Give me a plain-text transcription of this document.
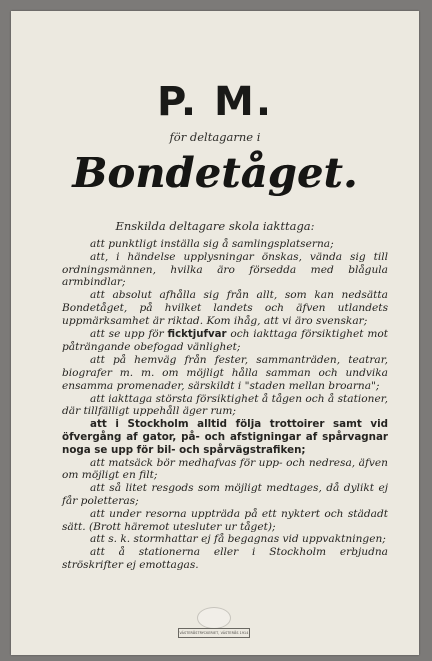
P. M.
för deltagarne i
Bondetåget.
Enskilda deltagare skola iakttaga:

att punktligt inställa sig å samlingsplatserna;

att, i händelse upplysningar önskas, vända sig till ordningsmännen, hvilka äro försedda med blågula armbindlar;

att absolut afhålla sig från allt, som kan nedsätta Bondetåget, på hvilket landets och äfven utlandets uppmärksamhet är riktad. Kom ihåg, att vi äro svenskar;

att se upp för ficktjufvar och iakttaga försiktighet mot påträngande obefogad vänlighet;

att på hemväg från fester, sammanträden, teatrar, biografer m. m. om möjligt hålla samman och undvika ensamma promenader, särskildt i "staden mellan broarna";

att iakttaga största försiktighet å tågen och å stationer, där tillfälligt uppehåll äger rum;

att i Stockholm alltid följa trottoirer samt vid öfvergång af gator, på- och afstigningar af spårvagnar noga se upp för bil- och spårvägstrafiken;

att matsäck bör medhafvas för upp- och nedresa, äfven om möjligt en filt;

att så litet resgods som möjligt medtages, då dylikt ej får poletteras;

att under resorna uppträda på ett nyktert och städadt sätt. (Brott häremot utesluter ur tåget);

att s. k. stormhattar ej få begagnas vid uppvaktningen;

att å stationerna eller i Stockholm erbjudna ströskrifter ej emottagas.

VÄSTERÅSTRYCKERIET, VÄSTERÅS 1914
